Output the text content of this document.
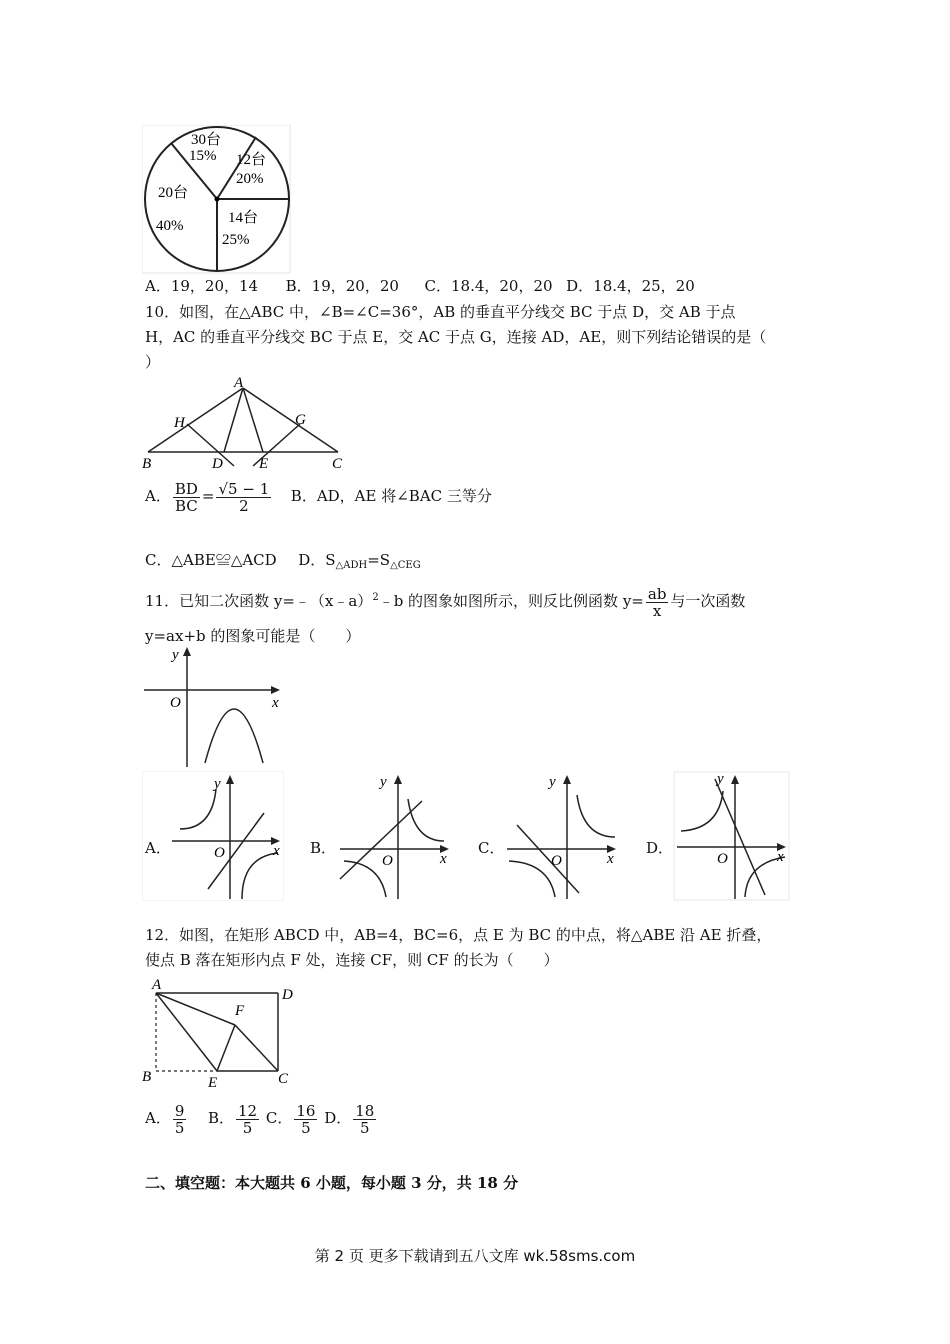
30台
15% 12台
20%
14台
25%
20台
40%
A．19，20，14 B．19，20，20 C．18.4，20，20 D．18.4，25，20
10．如图，在△ABC 中，∠B=∠C=36°，AB 的垂直平分线交 BC 于点 D，交 AB 于点
H，AC 的垂直平分线交 BC 于点 E，交 AC 于点 G，连接 AD，AE，则下列结论错误的是（
）
A
H	G
B	D E	C
A． $\frac{BD}{BC} = \frac{√5 - 1}{2}$ B．AD，AE 将∠BAC 三等分
C．△ABE≌△ACD D．$S_{\triangle ADH}=S_{\triangle CEG}$
11．已知二次函数 y=﹣（x﹣a）$^2$﹣b 的图象如图所示，则反比例函数 $y= \frac{ab}{x}$ 与一次函数
y=ax+b 的图象可能是（　　）
y
x
O
A．
y
x
O	B．
y
x
O
C．
y
x
O
D．
y
x
O
12．如图，在矩形 ABCD 中，AB=4，BC=6，点 E 为 BC 的中点，将△ABE 沿 AE 折叠，
使点 B 落在矩形内点 F 处，连接 CF，则 CF 的长为（　　）
A
D
F
B	E	C
A． $\frac{9}{5}$ B． $\frac{12}{5}$ C． $\frac{16}{5}$ D． $\frac{18}{5}$
二、填空题：本大题共 6 小题，每小题 3 分，共 18 分
第 2 页 更多下载请到五八文库 wk.58sms.com
